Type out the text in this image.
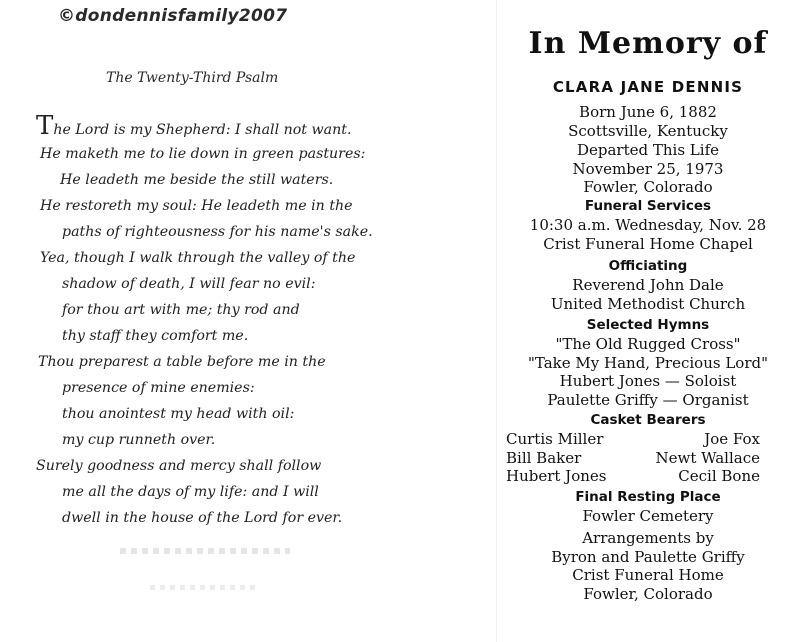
©dondennisfamily2007
The Twenty-Third Psalm
The Lord is my Shepherd: I shall not want.
He maketh me to lie down in green pastures:
He leadeth me beside the still waters.
He restoreth my soul: He leadeth me in the
paths of righteousness for his name's sake.
Yea, though I walk through the valley of the
shadow of death, I will fear no evil:
for thou art with me; thy rod and
thy staff they comfort me.
Thou preparest a table before me in the
presence of mine enemies:
thou anointest my head with oil:
my cup runneth over.
Surely goodness and mercy shall follow
me all the days of my life: and I will
dwell in the house of the Lord for ever.
In Memory of
CLARA JANE DENNIS
Born June 6, 1882
Scottsville, Kentucky
Departed This Life
November 25, 1973
Fowler, Colorado
Funeral Services
10:30 a.m. Wednesday, Nov. 28
Crist Funeral Home Chapel
Officiating
Reverend John Dale
United Methodist Church
Selected Hymns
"The Old Rugged Cross"
"Take My Hand, Precious Lord"
Hubert Jones — Soloist
Paulette Griffy — Organist
Casket Bearers
Curtis Miller	Joe Fox
Bill Baker	Newt Wallace
Hubert Jones	Cecil Bone
Final Resting Place
Fowler Cemetery
Arrangements by
Byron and Paulette Griffy
Crist Funeral Home
Fowler, Colorado
